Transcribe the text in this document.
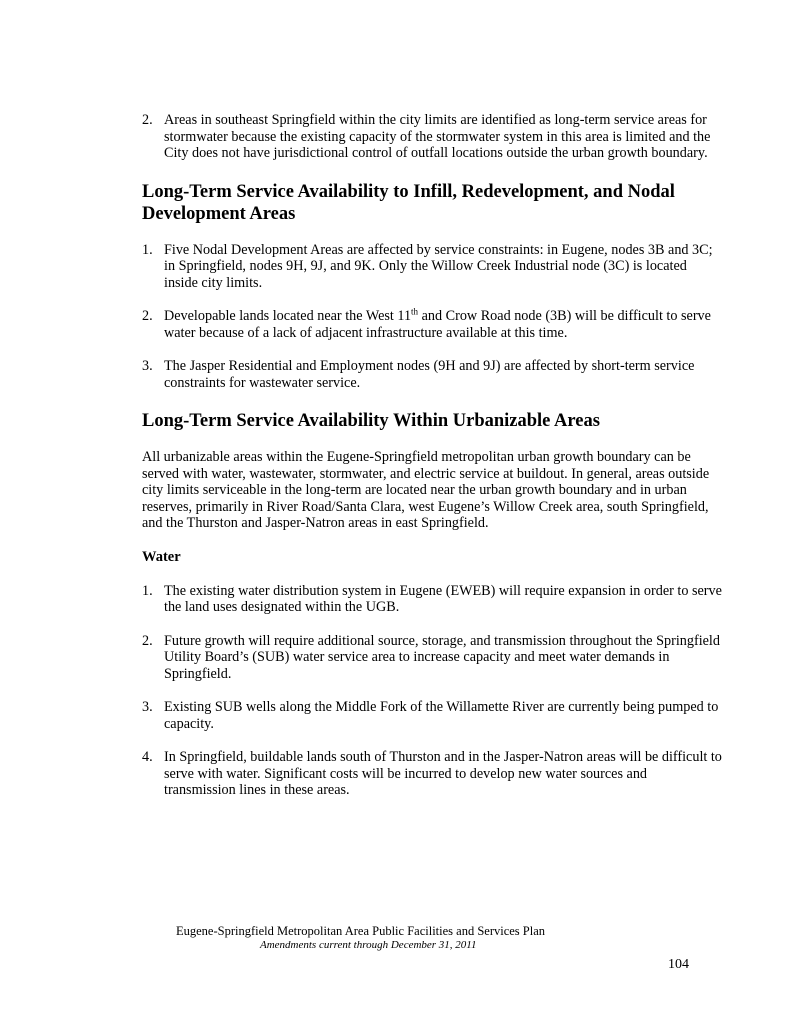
2. Areas in southeast Springfield within the city limits are identified as long-term service areas for stormwater because the existing capacity of the stormwater system in this area is limited and the City does not have jurisdictional control of outfall locations outside the urban growth boundary.
Long-Term Service Availability to Infill, Redevelopment, and Nodal Development Areas
1. Five Nodal Development Areas are affected by service constraints: in Eugene, nodes 3B and 3C; in Springfield, nodes 9H, 9J, and 9K. Only the Willow Creek Industrial node (3C) is located inside city limits.
2. Developable lands located near the West 11th and Crow Road node (3B) will be difficult to serve water because of a lack of adjacent infrastructure available at this time.
3. The Jasper Residential and Employment nodes (9H and 9J) are affected by short-term service constraints for wastewater service.
Long-Term Service Availability Within Urbanizable Areas
All urbanizable areas within the Eugene-Springfield metropolitan urban growth boundary can be served with water, wastewater, stormwater, and electric service at buildout. In general, areas outside city limits serviceable in the long-term are located near the urban growth boundary and in urban reserves, primarily in River Road/Santa Clara, west Eugene’s Willow Creek area, south Springfield, and the Thurston and Jasper-Natron areas in east Springfield.
Water
1. The existing water distribution system in Eugene (EWEB) will require expansion in order to serve the land uses designated within the UGB.
2. Future growth will require additional source, storage, and transmission throughout the Springfield Utility Board’s (SUB) water service area to increase capacity and meet water demands in Springfield.
3. Existing SUB wells along the Middle Fork of the Willamette River are currently being pumped to capacity.
4. In Springfield, buildable lands south of Thurston and in the Jasper-Natron areas will be difficult to serve with water. Significant costs will be incurred to develop new water sources and transmission lines in these areas.
Eugene-Springfield Metropolitan Area Public Facilities and Services Plan
Amendments current through December 31, 2011
104
